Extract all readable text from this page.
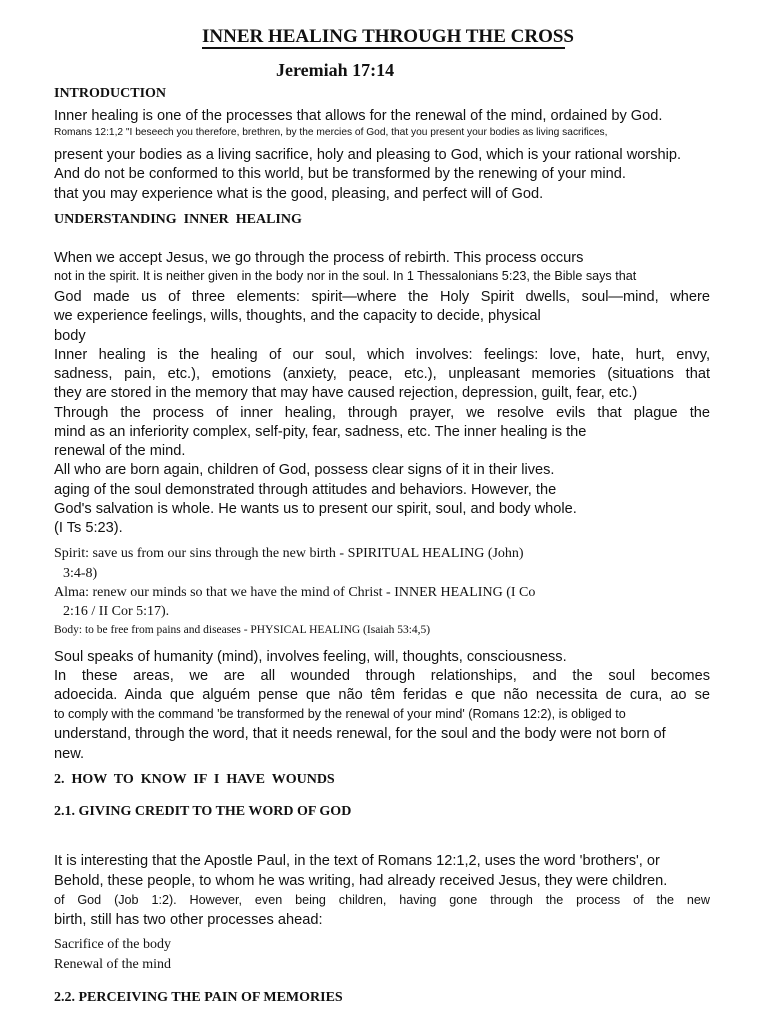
INNER HEALING THROUGH THE CROSS
Jeremiah 17:14
INTRODUCTION
Inner healing is one of the processes that allows for the renewal of the mind, ordained by God.
Romans 12:1,2 "I beseech you therefore, brethren, by the mercies of God, that you present your bodies as living sacrifices,
present your bodies as a living sacrifice, holy and pleasing to God, which is your rational worship.
And do not be conformed to this world, but be transformed by the renewing of your mind.
that you may experience what is the good, pleasing, and perfect will of God.
UNDERSTANDING  INNER  HEALING
When we accept Jesus, we go through the process of rebirth. This process occurs
not in the spirit. It is neither given in the body nor in the soul. In 1 Thessalonians 5:23, the Bible says that
God made us of three elements: spirit—where the Holy Spirit dwells, soul—mind, where
we experience feelings, wills, thoughts, and the capacity to decide, physical
body
Inner healing is the healing of our soul, which involves: feelings: love, hate, hurt, envy,
sadness, pain, etc.), emotions (anxiety, peace, etc.), unpleasant memories (situations that
they are stored in the memory that may have caused rejection, depression, guilt, fear, etc.)
Through the process of inner healing, through prayer, we resolve evils that plague the
mind as an inferiority complex, self-pity, fear, sadness, etc. The inner healing is the
renewal of the mind.
All who are born again, children of God, possess clear signs of it in their lives.
aging of the soul demonstrated through attitudes and behaviors. However, the
God's salvation is whole. He wants us to present our spirit, soul, and body whole.
(I Ts 5:23).
Spirit: save us from our sins through the new birth - SPIRITUAL HEALING (John)
3:4-8)
Alma: renew our minds so that we have the mind of Christ - INNER HEALING (I Co
2:16 / II Cor 5:17).
Body: to be free from pains and diseases - PHYSICAL HEALING (Isaiah 53:4,5)
Soul speaks of humanity (mind), involves feeling, will, thoughts, consciousness.
In these areas, we are all wounded through relationships, and the soul becomes
adoecida. Ainda que alguém pense que não têm feridas e que não necessita de cura, ao se
to comply with the command 'be transformed by the renewal of your mind' (Romans 12:2), is obliged to
understand, through the word, that it needs renewal, for the soul and the body were not born of
new.
2.  HOW  TO  KNOW  IF  I  HAVE  WOUNDS
2.1. GIVING CREDIT TO THE WORD OF GOD
It is interesting that the Apostle Paul, in the text of Romans 12:1,2, uses the word 'brothers', or
Behold, these people, to whom he was writing, had already received Jesus, they were children.
of God (Job 1:2). However, even being children, having gone through the process of the new
birth, still has two other processes ahead:
Sacrifice of the body
Renewal of the mind
2.2. PERCEIVING THE PAIN OF MEMORIES
